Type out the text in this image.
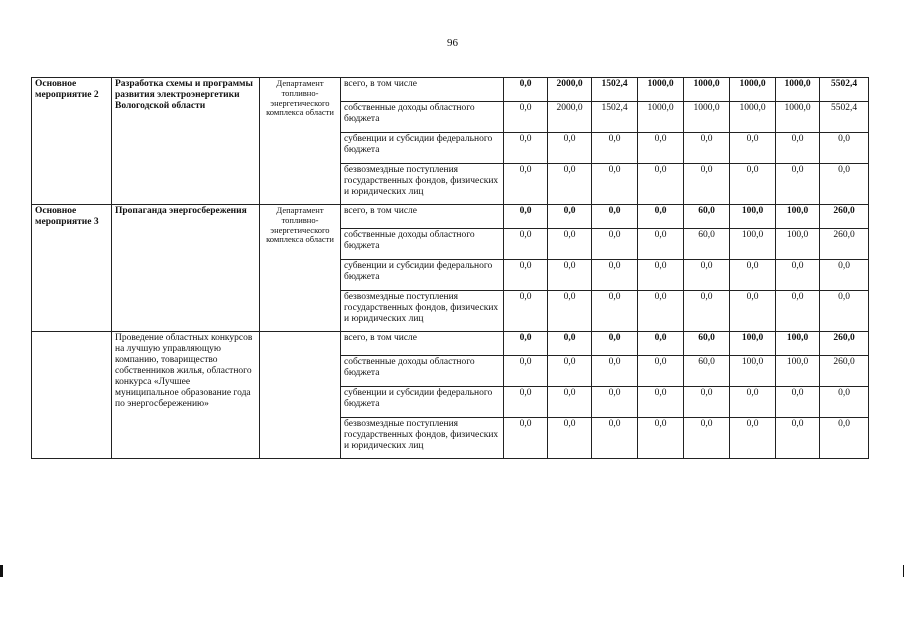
96
Основное мероприятие 2	Разработка схемы и программы развития электроэнергетики Вологодской области	Департамент топливно-энергетического комплекса области	всего, в том числе	0,0	2000,0	1502,4	1000,0	1000,0	1000,0	1000,0	5502,4
			собственные доходы областного бюджета	0,0	2000,0	1502,4	1000,0	1000,0	1000,0	1000,0	5502,4
			субвенции и субсидии федерального бюджета	0,0	0,0	0,0	0,0	0,0	0,0	0,0	0,0
			безвозмездные поступления государственных фондов, физических и юридических лиц	0,0	0,0	0,0	0,0	0,0	0,0	0,0	0,0
Основное мероприятие 3	Пропаганда энергосбережения	Департамент топливно-энергетического комплекса области	всего, в том числе	0,0	0,0	0,0	0,0	60,0	100,0	100,0	260,0
			собственные доходы областного бюджета	0,0	0,0	0,0	0,0	60,0	100,0	100,0	260,0
			субвенции и субсидии федерального бюджета	0,0	0,0	0,0	0,0	0,0	0,0	0,0	0,0
			безвозмездные поступления государственных фондов, физических и юридических лиц	0,0	0,0	0,0	0,0	0,0	0,0	0,0	0,0
	Проведение областных конкурсов на лучшую управляющую компанию, товарищество собственников жилья, областного конкурса «Лучшее муниципальное образование года по энергосбережению»		всего, в том числе	0,0	0,0	0,0	0,0	60,0	100,0	100,0	260,0
			собственные доходы областного бюджета	0,0	0,0	0,0	0,0	60,0	100,0	100,0	260,0
			субвенции и субсидии федерального бюджета	0,0	0,0	0,0	0,0	0,0	0,0	0,0	0,0
			безвозмездные поступления государственных фондов, физических и юридических лиц	0,0	0,0	0,0	0,0	0,0	0,0	0,0	0,0
